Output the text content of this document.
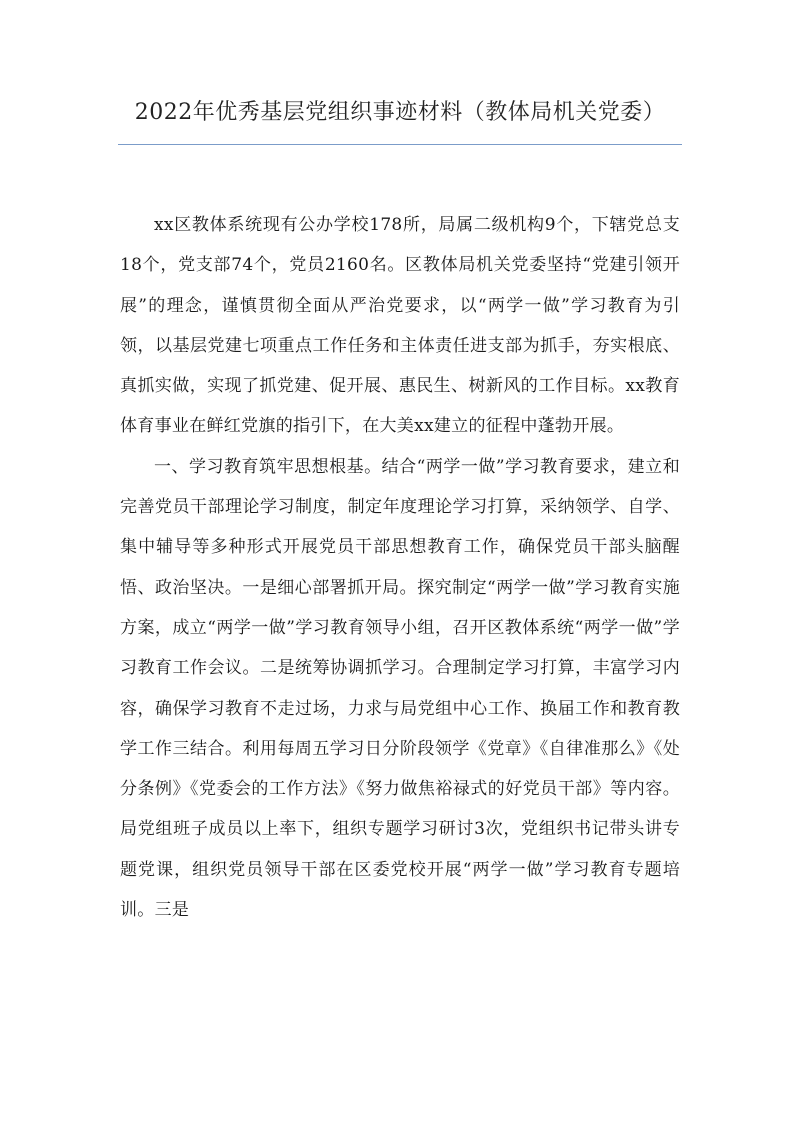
2022年优秀基层党组织事迹材料（教体局机关党委）

xx区教体系统现有公办学校178所，局属二级机构9个，下辖党总支18个，党支部74个，党员2160名。区教体局机关党委坚持“党建引领开展”的理念，谨慎贯彻全面从严治党要求，以“两学一做”学习教育为引领，以基层党建七项重点工作任务和主体责任进支部为抓手，夯实根底、真抓实做，实现了抓党建、促开展、惠民生、树新风的工作目标。xx教育体育事业在鲜红党旗的指引下，在大美xx建立的征程中蓬勃开展。

一、学习教育筑牢思想根基。结合“两学一做”学习教育要求，建立和完善党员干部理论学习制度，制定年度理论学习打算，采纳领学、自学、集中辅导等多种形式开展党员干部思想教育工作，确保党员干部头脑醒悟、政治坚决。一是细心部署抓开局。探究制定“两学一做”学习教育实施方案，成立“两学一做”学习教育领导小组，召开区教体系统“两学一做”学习教育工作会议。二是统筹协调抓学习。合理制定学习打算，丰富学习内容，确保学习教育不走过场，力求与局党组中心工作、换届工作和教育教学工作三结合。利用每周五学习日分阶段领学《党章》《自律准那么》《处分条例》《党委会的工作方法》《努力做焦裕禄式的好党员干部》等内容。局党组班子成员以上率下，组织专题学习研讨3次，党组织书记带头讲专题党课，组织党员领导干部在区委党校开展“两学一做”学习教育专题培训。三是
